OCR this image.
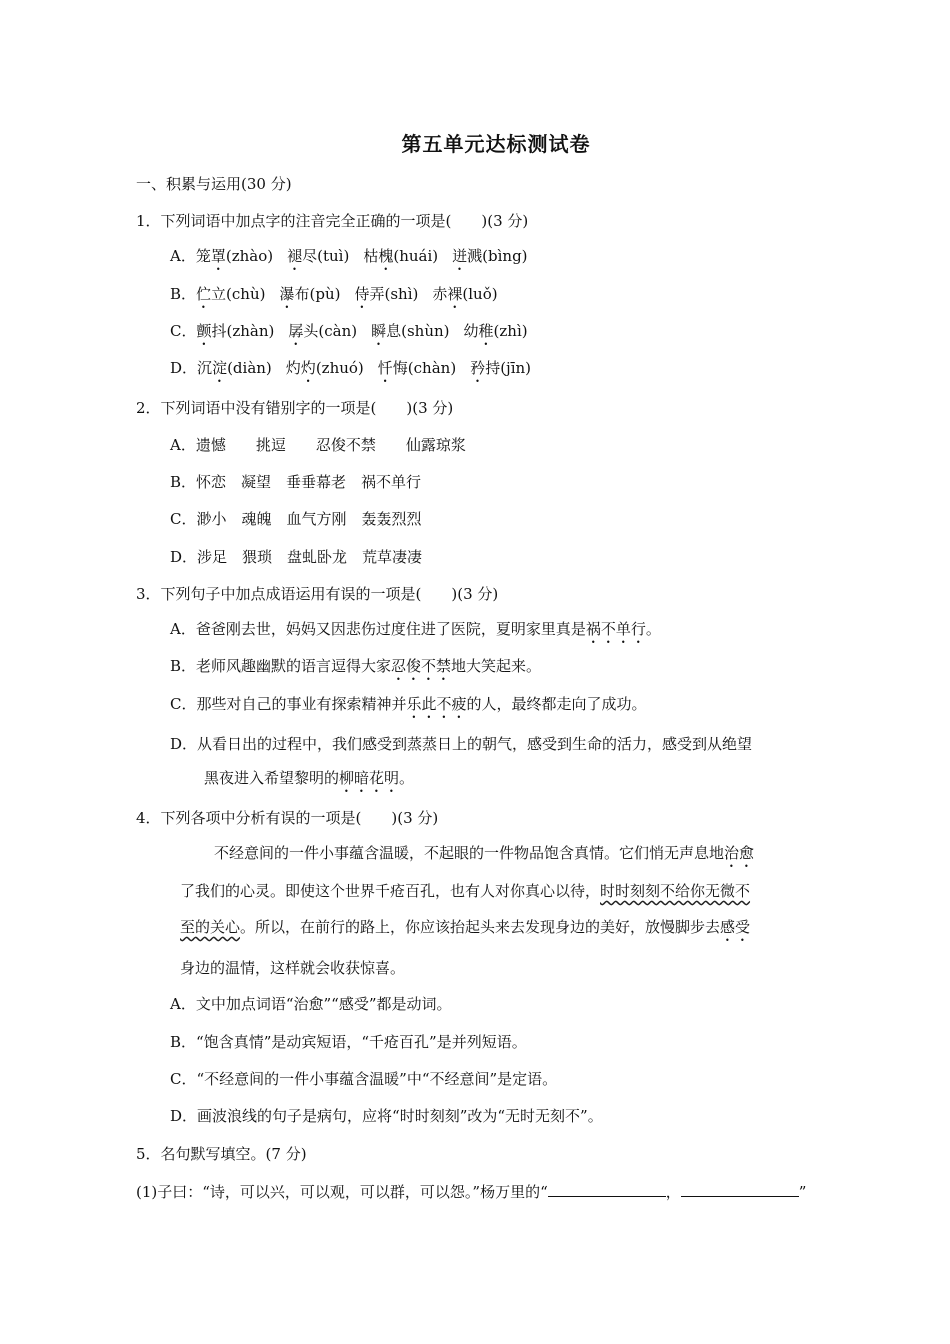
第五单元达标测试卷
一、积累与运用(30 分)
1．下列词语中加点字的注音完全正确的一项是(　　)(3 分)
A．笼罩(zhào) 褪尽(tuì) 枯槐(huái) 迸溅(bìng)
B．伫立(chù) 瀑布(pù) 侍弄(shì) 赤裸(luǒ)
C．颤抖(zhàn) 孱头(càn) 瞬息(shùn) 幼稚(zhì)
D．沉淀(diàn) 灼灼(zhuó) 忏悔(chàn) 矜持(jīn)
2．下列词语中没有错别字的一项是(　　)(3 分)
A．遗憾　　挑逗　　忍俊不禁　　仙露琼浆
B．怀恋　凝望　垂垂幕老　祸不单行
C．渺小　魂魄　血气方刚　轰轰烈烈
D．涉足　猥琐　盘虬卧龙　荒草凄凄
3．下列句子中加点成语运用有误的一项是(　　)(3 分)
A．爸爸刚去世，妈妈又因悲伤过度住进了医院，夏明家里真是祸不单行。
B．老师风趣幽默的语言逗得大家忍俊不禁地大笑起来。
C．那些对自己的事业有探索精神并乐此不疲的人，最终都走向了成功。
D．从看日出的过程中，我们感受到蒸蒸日上的朝气，感受到生命的活力，感受到从绝望
黑夜进入希望黎明的柳暗花明。
4．下列各项中分析有误的一项是(　　)(3 分)
不经意间的一件小事蕴含温暖，不起眼的一件物品饱含真情。它们悄无声息地治愈
了我们的心灵。即使这个世界千疮百孔，也有人对你真心以待，时时刻刻不给你无微不
至的关心。所以，在前行的路上，你应该抬起头来去发现身边的美好，放慢脚步去感受
身边的温情，这样就会收获惊喜。
A．文中加点词语“治愈”“感受”都是动词。
B．“饱含真情”是动宾短语，“千疮百孔”是并列短语。
C．“不经意间的一件小事蕴含温暖”中“不经意间”是定语。
D．画波浪线的句子是病句，应将“时时刻刻”改为“无时无刻不”。
5．名句默写填空。(7 分)
(1)子曰：“诗，可以兴，可以观，可以群，可以怨。”杨万里的“	，	”
